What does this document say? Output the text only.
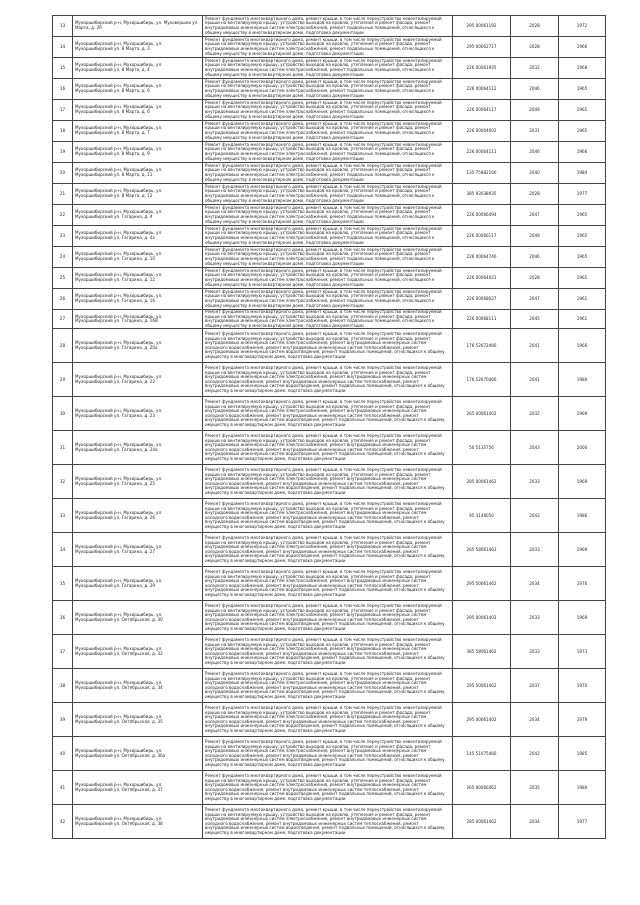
13	Мухоршибирский р-н, Мухоршибирь, ул. Муховершки ул. Марта, д. 29	Ремонт фундамента многоквартирного дома, ремонт крыши, в том числе переустройство невентилируемой крыши на вентилируемую крышу, устройство выходов на кровлю, утепление и ремонт фасада, ремонт внутридомовых инженерных систем электроснабжения, ремонт подвальных помещений, относящихся к общему имуществу в многоквартирном доме, подготовка документации	295 00061192	2028	1972
14	Мухоршибирский р-н, Мухоршибирь, ул. Мухоршибирский ул. 8 Марта, д. 3	Ремонт фундамента многоквартирного дома, ремонт крыши, в том числе переустройство невентилируемой крыши на вентилируемую крышу, устройство выходов на кровлю, утепление и ремонт фасада, ремонт внутридомовых инженерных систем электроснабжения, ремонт подвальных помещений, относящихся к общему имуществу в многоквартирном доме, подготовка документации	295 00062717	2028	1966
15	Мухоршибирский р-н, Мухоршибирь, ул. Мухоршибирский ул. 8 Марта, д. 4	Ремонт фундамента многоквартирного дома, ремонт крыши, в том числе переустройство невентилируемой крыши на вентилируемую крышу, устройство выходов на кровлю, утепление и ремонт фасада, ремонт внутридомовых инженерных систем электроснабжения, ремонт подвальных помещений, относящихся к общему имуществу в многоквартирном доме, подготовка документации	226 00061935	2032	1968
16	Мухоршибирский р-н, Мухоршибирь, ул. Мухоршибирский ул. 8 Марта, д. 6	Ремонт фундамента многоквартирного дома, ремонт крыши, в том числе переустройство невентилируемой крыши на вентилируемую крышу, устройство выходов на кровлю, утепление и ремонт фасада, ремонт внутридомовых инженерных систем электроснабжения, ремонт подвальных помещений, относящихся к общему имуществу в многоквартирном доме, подготовка документации	226 00064112	2046	1965
17	Мухоршибирский р-н, Мухоршибирь, ул. Мухоршибирский ул. 8 Марта, д. 6	Ремонт фундамента многоквартирного дома, ремонт крыши, в том числе переустройство невентилируемой крыши на вентилируемую крышу, устройство выходов на кровлю, утепление и ремонт фасада, ремонт внутридомовых инженерных систем электроснабжения, ремонт подвальных помещений, относящихся к общему имуществу в многоквартирном доме, подготовка документации	226 00064117	2049	1965
18	Мухоршибирский р-н, Мухоршибирь, ул. Мухоршибирский ул. 8 Марта, д. 7	Ремонт фундамента многоквартирного дома, ремонт крыши, в том числе переустройство невентилируемой крыши на вентилируемую крышу, устройство выходов на кровлю, утепление и ремонт фасада, ремонт внутридомовых инженерных систем электроснабжения, ремонт подвальных помещений, относящихся к общему имуществу в многоквартирном доме, подготовка документации	226 00064002	2031	1965
19	Мухоршибирский р-н, Мухоршибирь, ул. Мухоршибирский ул. 8 Марта, д. 9	Ремонт фундамента многоквартирного дома, ремонт крыши, в том числе переустройство невентилируемой крыши на вентилируемую крышу, устройство выходов на кровлю, утепление и ремонт фасада, ремонт внутридомовых инженерных систем электроснабжения, ремонт подвальных помещений, относящихся к общему имуществу в многоквартирном доме, подготовка документации	226 00064111	2046	1966
20	Мухоршибирский р-н, Мухоршибирь, ул. Мухоршибирский ул. 8 Марта, д. 11	Ремонт фундамента многоквартирного дома, ремонт крыши, в том числе переустройство невентилируемой крыши на вентилируемую крышу, устройство выходов на кровлю, утепление и ремонт фасада, ремонт внутридомовых инженерных систем электроснабжения, ремонт подвальных помещений, относящихся к общему имуществу в многоквартирном доме, подготовка документации	135 75882166	2040	1984
21	Мухоршибирский р-н, Мухоршибирь, ул. Мухоршибирский ул. 8 Марта, д. 12	Ремонт фундамента многоквартирного дома, ремонт крыши, в том числе переустройство невентилируемой крыши на вентилируемую крышу, устройство выходов на кровлю, утепление и ремонт фасада, ремонт внутридомовых инженерных систем электроснабжения, ремонт подвальных помещений, относящихся к общему имуществу в многоквартирном доме, подготовка документации	385 93038935	2028	1977
22	Мухоршибирский р-н, Мухоршибирь, ул. Мухоршибирский ул. Гагарина, д. 4	Ремонт фундамента многоквартирного дома, ремонт крыши, в том числе переустройство невентилируемой крыши на вентилируемую крышу, устройство выходов на кровлю, утепление и ремонт фасада, ремонт внутридомовых инженерных систем электроснабжения, ремонт подвальных помещений, относящихся к общему имуществу в многоквартирном доме, подготовка документации	226 00066494	2047	1965
23	Мухоршибирский р-н, Мухоршибирь, ул. Мухоршибирский ул. Гагарина, д. 4а	Ремонт фундамента многоквартирного дома, ремонт крыши, в том числе переустройство невентилируемой крыши на вентилируемую крышу, устройство выходов на кровлю, утепление и ремонт фасада, ремонт внутридомовых инженерных систем электроснабжения, ремонт подвальных помещений, относящихся к общему имуществу в многоквартирном доме, подготовка документации	226 00066117	2049	1965
24	Мухоршибирский р-н, Мухоршибирь, ул. Мухоршибирский ул. Гагарина, д. 10	Ремонт фундамента многоквартирного дома, ремонт крыши, в том числе переустройство невентилируемой крыши на вентилируемую крышу, устройство выходов на кровлю, утепление и ремонт фасада, ремонт внутридомовых инженерных систем электроснабжения, ремонт подвальных помещений, относящихся к общему имуществу в многоквартирном доме, подготовка документации	226 00064746	2046	1965
25	Мухоршибирский р-н, Мухоршибирь, ул. Мухоршибирский ул. Гагарина, д. 12	Ремонт фундамента многоквартирного дома, ремонт крыши, в том числе переустройство невентилируемой крыши на вентилируемую крышу, устройство выходов на кровлю, утепление и ремонт фасада, ремонт внутридомовых инженерных систем электроснабжения, ремонт подвальных помещений, относящихся к общему имуществу в многоквартирном доме, подготовка документации	226 00064021	2028	1965
26	Мухоршибирский р-н, Мухоршибирь, ул. Мухоршибирский ул. Гагарина, д. 16	Ремонт фундамента многоквартирного дома, ремонт крыши, в том числе переустройство невентилируемой крыши на вентилируемую крышу, устройство выходов на кровлю, утепление и ремонт фасада, ремонт внутридомовых инженерных систем электроснабжения, ремонт подвальных помещений, относящихся к общему имуществу в многоквартирном доме, подготовка документации	226 00068027	2047	1961
27	Мухоршибирский р-н, Мухоршибирь, ул. Мухоршибирский ул. Гагарина, д. 16В	Ремонт фундамента многоквартирного дома, ремонт крыши, в том числе переустройство невентилируемой крыши на вентилируемую крышу, устройство выходов на кровлю, утепление и ремонт фасада, ремонт внутридомовых инженерных систем электроснабжения, ремонт подвальных помещений, относящихся к общему имуществу в многоквартирном доме, подготовка документации	226 00068111	2045	1961
28	Мухоршибирский р-н, Мухоршибирь, ул. Мухоршибирский ул. Гагарина, д. 20а	Ремонт фундамента многоквартирного дома, ремонт крыши, в том числе переустройство невентилируемой крыши на вентилируемую крышу, устройство выходов на кровлю, утепление и ремонт фасада, ремонт внутридомовых инженерных систем электроснабжения, ремонт внутридомовых инженерных систем холодного водоснабжения, ремонт внутридомовых инженерных систем теплоснабжения, ремонт внутридомовых инженерных систем водоотведения, ремонт подвальных помещений, относящихся к общему имуществу в многоквартирном доме, подготовка документации	176 52672466	2041	1966
29	Мухоршибирский р-н, Мухоршибирь, ул. Мухоршибирский ул. Гагарина, д. 22	Ремонт фундамента многоквартирного дома, ремонт крыши, в том числе переустройство невентилируемой крыши на вентилируемую крышу, устройство выходов на кровлю, утепление и ремонт фасада, ремонт внутридомовых инженерных систем электроснабжения, ремонт внутридомовых инженерных систем холодного водоснабжения, ремонт внутридомовых инженерных систем теплоснабжения, ремонт внутридомовых инженерных систем водоотведения, ремонт подвальных помещений, относящихся к общему имуществу в многоквартирном доме, подготовка документации	176 52670466	2041	1980
30	Мухоршибирский р-н, Мухоршибирь, ул. Мухоршибирский ул. Гагарина, д. 23	Ремонт фундамента многоквартирного дома, ремонт крыши, в том числе переустройство невентилируемой крыши на вентилируемую крышу, устройство выходов на кровлю, утепление и ремонт фасада, ремонт внутридомовых инженерных систем электроснабжения, ремонт внутридомовых инженерных систем холодного водоснабжения, ремонт внутридомовых инженерных систем теплоснабжения, ремонт внутридомовых инженерных систем водоотведения, ремонт подвальных помещений, относящихся к общему имуществу в многоквартирном доме, подготовка документации	265 00061402	2032	1969
31	Мухоршибирский р-н, Мухоршибирь, ул. Мухоршибирский ул. Гагарина, д. 24а	Ремонт фундамента многоквартирного дома, ремонт крыши, в том числе переустройство невентилируемой крыши на вентилируемую крышу, устройство выходов на кровлю, утепление и ремонт фасада, ремонт внутридомовых инженерных систем электроснабжения, ремонт внутридомовых инженерных систем холодного водоснабжения, ремонт внутридомовых инженерных систем теплоснабжения, ремонт внутридомовых инженерных систем водоотведения, ремонт подвальных помещений, относящихся к общему имуществу в многоквартирном доме, подготовка документации	50 5135756	2043	2000
32	Мухоршибирский р-н, Мухоршибирь, ул. Мухоршибирский ул. Гагарина, д. 25	Ремонт фундамента многоквартирного дома, ремонт крыши, в том числе переустройство невентилируемой крыши на вентилируемую крышу, устройство выходов на кровлю, утепление и ремонт фасада, ремонт внутридомовых инженерных систем электроснабжения, ремонт внутридомовых инженерных систем холодного водоснабжения, ремонт внутридомовых инженерных систем теплоснабжения, ремонт внутридомовых инженерных систем водоотведения, ремонт подвальных помещений, относящихся к общему имуществу в многоквартирном доме, подготовка документации	285 00061462	2033	1969
33	Мухоршибирский р-н, Мухоршибирь, ул. Мухоршибирский ул. Гагарина, д. 26	Ремонт фундамента многоквартирного дома, ремонт крыши, в том числе переустройство невентилируемой крыши на вентилируемую крышу, устройство выходов на кровлю, утепление и ремонт фасада, ремонт внутридомовых инженерных систем электроснабжения, ремонт внутридомовых инженерных систем холодного водоснабжения, ремонт внутридомовых инженерных систем теплоснабжения, ремонт внутридомовых инженерных систем водоотведения, ремонт подвальных помещений, относящихся к общему имуществу в многоквартирном доме, подготовка документации	95 3148050	2043	1986
34	Мухоршибирский р-н, Мухоршибирь, ул. Мухоршибирский ул. Гагарина, д. 27	Ремонт фундамента многоквартирного дома, ремонт крыши, в том числе переустройство невентилируемой крыши на вентилируемую крышу, устройство выходов на кровлю, утепление и ремонт фасада, ремонт внутридомовых инженерных систем электроснабжения, ремонт внутридомовых инженерных систем холодного водоснабжения, ремонт внутридомовых инженерных систем теплоснабжения, ремонт внутридомовых инженерных систем водоотведения, ремонт подвальных помещений, относящихся к общему имуществу в многоквартирном доме, подготовка документации	265 58061463	2033	1969
35	Мухоршибирский р-н, Мухоршибирь, ул. Мухоршибирский ул. Гагарина, д. 29	Ремонт фундамента многоквартирного дома, ремонт крыши, в том числе переустройство невентилируемой крыши на вентилируемую крышу, устройство выходов на кровлю, утепление и ремонт фасада, ремонт внутридомовых инженерных систем электроснабжения, ремонт внутридомовых инженерных систем холодного водоснабжения, ремонт внутридомовых инженерных систем теплоснабжения, ремонт внутридомовых инженерных систем водоотведения, ремонт подвальных помещений, относящихся к общему имуществу в многоквартирном доме, подготовка документации	295 50061462	2034	1976
36	Мухоршибирский р-н, Мухоршибирь, ул. Мухоршибирский ул. Октябрьская, д. 30	Ремонт фундамента многоквартирного дома, ремонт крыши, в том числе переустройство невентилируемой крыши на вентилируемую крышу, устройство выходов на кровлю, утепление и ремонт фасада, ремонт внутридомовых инженерных систем электроснабжения, ремонт внутридомовых инженерных систем холодного водоснабжения, ремонт внутридомовых инженерных систем теплоснабжения, ремонт внутридомовых инженерных систем водоотведения, ремонт подвальных помещений, относящихся к общему имуществу в многоквартирном доме, подготовка документации	295 00061402	2033	1969
37	Мухоршибирский р-н, Мухоршибирь, ул. Мухоршибирский ул. Октябрьская, д. 32	Ремонт фундамента многоквартирного дома, ремонт крыши, в том числе переустройство невентилируемой крыши на вентилируемую крышу, устройство выходов на кровлю, утепление и ремонт фасада, ремонт внутридомовых инженерных систем электроснабжения, ремонт внутридомовых инженерных систем холодного водоснабжения, ремонт внутридомовых инженерных систем теплоснабжения, ремонт внутридомовых инженерных систем водоотведения, ремонт подвальных помещений, относящихся к общему имуществу в многоквартирном доме, подготовка документации	385 58061462	2033	1973
38	Мухоршибирский р-н, Мухоршибирь, ул. Мухоршибирский ул. Октябрьская, д. 34	Ремонт фундамента многоквартирного дома, ремонт крыши, в том числе переустройство невентилируемой крыши на вентилируемую крышу, устройство выходов на кровлю, утепление и ремонт фасада, ремонт внутридомовых инженерных систем электроснабжения, ремонт внутридомовых инженерных систем холодного водоснабжения, ремонт внутридомовых инженерных систем теплоснабжения, ремонт внутридомовых инженерных систем водоотведения, ремонт подвальных помещений, относящихся к общему имуществу в многоквартирном доме, подготовка документации	295 50061462	2037	1970
39	Мухоршибирский р-н, Мухоршибирь, ул. Мухоршибирский ул. Октябрьская, д. 35	Ремонт фундамента многоквартирного дома, ремонт крыши, в том числе переустройство невентилируемой крыши на вентилируемую крышу, устройство выходов на кровлю, утепление и ремонт фасада, ремонт внутридомовых инженерных систем электроснабжения, ремонт внутридомовых инженерных систем холодного водоснабжения, ремонт внутридомовых инженерных систем теплоснабжения, ремонт внутридомовых инженерных систем водоотведения, ремонт подвальных помещений, относящихся к общему имуществу в многоквартирном доме, подготовка документации	295 00061402	2034	1979
40	Мухоршибирский р-н, Мухоршибирь, ул. Мухоршибирский ул. Октябрьская, д. 36а	Ремонт фундамента многоквартирного дома, ремонт крыши, в том числе переустройство невентилируемой крыши на вентилируемую крышу, устройство выходов на кровлю, утепление и ремонт фасада, ремонт внутридомовых инженерных систем электроснабжения, ремонт внутридомовых инженерных систем холодного водоснабжения, ремонт внутридомовых инженерных систем теплоснабжения, ремонт внутридомовых инженерных систем водоотведения, ремонт подвальных помещений, относящихся к общему имуществу в многоквартирном доме, подготовка документации	145 51075466	2042	1985
41	Мухоршибирский р-н, Мухоршибирь, ул. Мухоршибирский ул. Октябрьская, д. 37	Ремонт фундамента многоквартирного дома, ремонт крыши, в том числе переустройство невентилируемой крыши на вентилируемую крышу, устройство выходов на кровлю, утепление и ремонт фасада, ремонт внутридомовых инженерных систем электроснабжения, ремонт внутридомовых инженерных систем холодного водоснабжения, ремонт внутридомовых инженерных систем теплоснабжения, ремонт внутридомовых инженерных систем водоотведения, ремонт подвальных помещений, относящихся к общему имуществу в многоквартирном доме, подготовка документации	265 00066462	2035	1980
42	Мухоршибирский р-н, Мухоршибирь, ул. Мухоршибирский ул. Октябрьская, д. 38	Ремонт фундамента многоквартирного дома, ремонт крыши, в том числе переустройство невентилируемой крыши на вентилируемую крышу, устройство выходов на кровлю, утепление и ремонт фасада, ремонт внутридомовых инженерных систем электроснабжения, ремонт внутридомовых инженерных систем холодного водоснабжения, ремонт внутридомовых инженерных систем теплоснабжения, ремонт внутридомовых инженерных систем водоотведения, ремонт подвальных помещений, относящихся к общему имуществу в многоквартирном доме, подготовка документации	285 00061462	2034	1977
